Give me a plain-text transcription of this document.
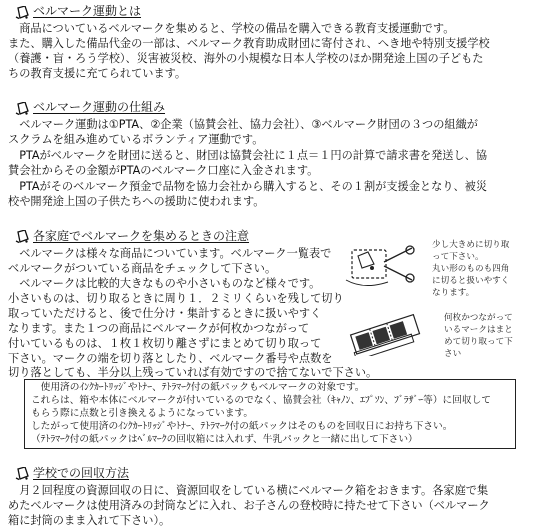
ベルマーク運動とは
　商品についているベルマークを集めると、学校の備品を購入できる教育支援運動です。
また、購入した備品代金の一部は、ベルマーク教育助成財団に寄付され、へき地や特別支援学校
（養護・盲・ろう学校）、災害被災校、海外の小規模な日本人学校のほか開発途上国の子どもた
ちの教育支援に充てられています。
ベルマーク運動の仕組み
　ベルマーク運動は①PTA、②企業（協賛会社、協力会社）、③ベルマーク財団の３つの組織が
スクラムを組み進めているボランティア運動です。
　PTAがベルマークを財団に送ると、財団は協賛会社に１点＝１円の計算で請求書を発送し、協
賛会社からその金額がPTAのベルマーク口座に入金されます。
　PTAがそのベルマーク預金で品物を協力会社から購入すると、その１割が支援金となり、被災
校や開発途上国の子供たちへの援助に使われます。
各家庭でベルマークを集めるときの注意
　ベルマークは様々な商品についています。ベルマーク一覧表で
ベルマークがついている商品をチェックして下さい。
　ベルマークは比較的大きなものや小さいものなど様々です。
小さいものは、切り取るときに周り１．２ミリくらいを残して切り
取っていただけると、後で仕分け・集計するときに扱いやすく
なります。また１つの商品にベルマークが何枚かつながって
付いているものは、１枚１枚切り離さずにまとめて切り取って
下さい。マークの端を切り落としたり、ベルマーク番号や点数を
切り落としても、半分以上残っていれば有効ですので捨てないで下さい。
少し大きめに切り取
って下さい。
丸い形のものも四角
に切ると扱いやすく
なります。
何枚かつながって
いるマークはまと
めて切り取って下
さい
　使用済のｲﾝｸｶｰﾄﾘｯｼﾞやﾄﾅｰ、ﾃﾄﾗﾏｰｸ付の紙パックもベルマークの対象です。
これらは、箱や本体にベルマークが付いているのでなく、協賛会社（ｷｬﾉﾝ、ｴﾌﾟｿﾝ、ﾌﾞﾗｻﾞｰ等）に回収して
もらう際に点数と引き換えるようになっています。
したがって使用済のｲﾝｸｶｰﾄﾘｯｼﾞやﾄﾅｰ、ﾃﾄﾗﾏｰｸ付の紙パックはそのものを回収日にお持ち下さい。
（ﾃﾄﾗﾏｰｸ付の紙パックはﾍﾞﾙﾏｰｸの回収箱には入れず、牛乳パックと一緒に出して下さい）
学校での回収方法
　月２回程度の資源回収の日に、資源回収をしている横にベルマーク箱をおきます。各家庭で集
めたベルマークは使用済みの封筒などに入れ、お子さんの登校時に持たせて下さい（ベルマーク
箱に封筒のまま入れて下さい）。
